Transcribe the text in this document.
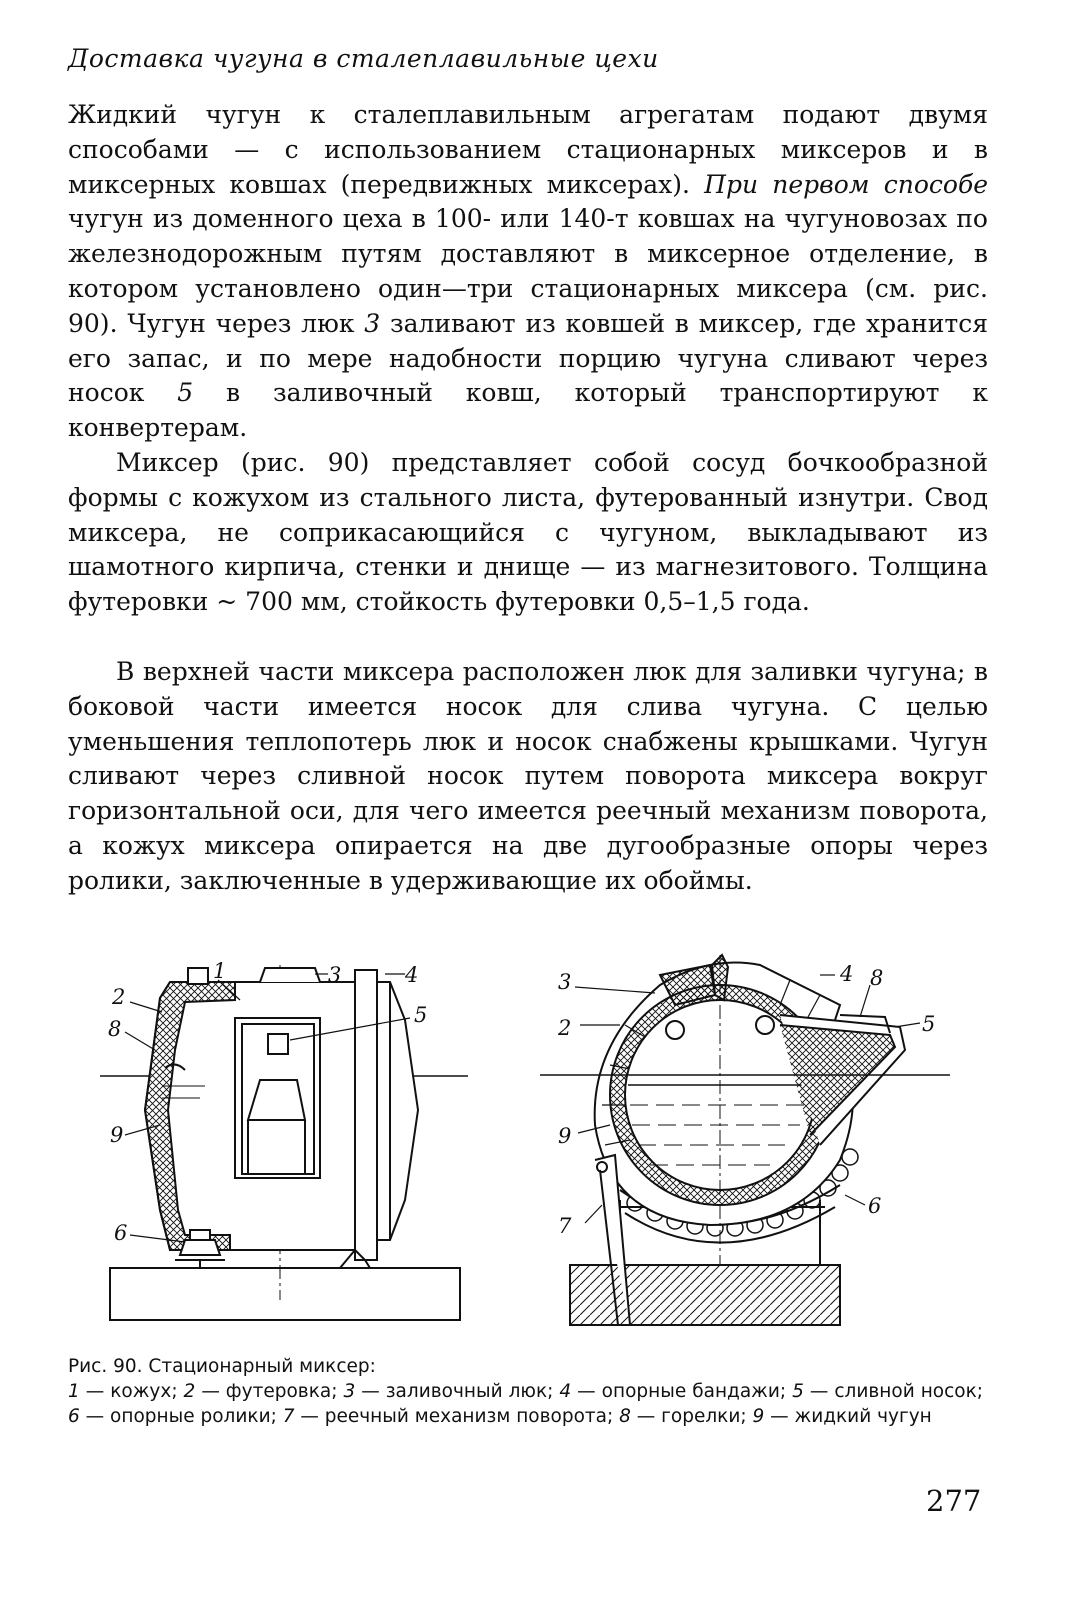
Доставка чугуна в сталеплавильные цехи

Жидкий чугун к сталеплавильным агрегатам подают двумя способами — с использованием стационарных миксеров и в миксерных ковшах (передвижных миксерах). При первом способе чугун из доменного цеха в 100- или 140-т ковшах на чугуновозах по железнодорожным путям доставляют в миксерное отделение, в котором установлено один—три стационарных миксера (см. рис. 90). Чугун через люк 3 заливают из ковшей в миксер, где хранится его запас, и по мере надобности порцию чугуна сливают через носок 5 в заливочный ковш, который транспортируют к конвертерам.

Миксер (рис. 90) представляет собой сосуд бочкообразной формы с кожухом из стального листа, футерованный изнутри. Свод миксера, не соприкасающийся с чугуном, выкладывают из шамотного кирпича, стенки и днище — из магнезитового. Толщина футеровки ~ 700 мм, стойкость футеровки 0,5–1,5 года.

В верхней части миксера расположен люк для заливки чугуна; в боковой части имеется носок для слива чугуна. С целью уменьшения теплопотерь люк и носок снабжены крышками. Чугун сливают через сливной носок путем поворота миксера вокруг горизонтальной оси, для чего имеется реечный механизм поворота, а кожух миксера опирается на две дугообразные опоры через ролики, заключенные в удерживающие их обоймы.

1
2
3	4
5
6
8
9
2
3	4
5
6
7
8
9
Рис. 90. Стационарный миксер:
1 — кожух; 2 — футеровка; 3 — заливочный люк; 4 — опорные бандажи; 5 — сливной носок; 6 — опорные ролики; 7 — реечный механизм поворота; 8 — горелки; 9 — жидкий чугун
277
